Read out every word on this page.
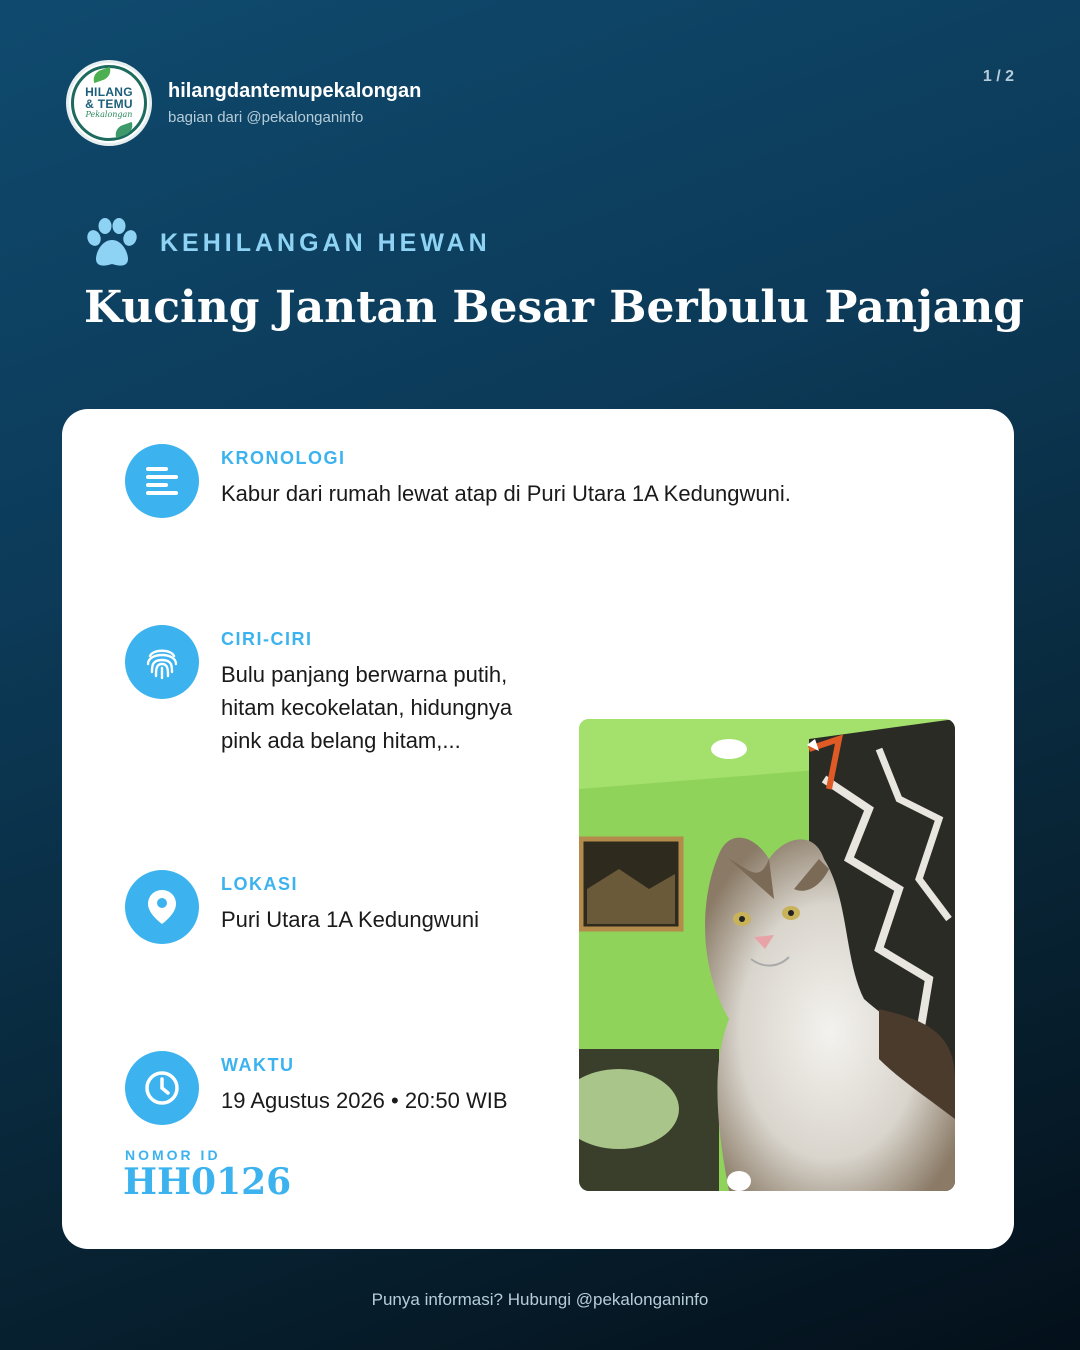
HILANG
& TEMU
Pekalongan
hilangdantemupekalongan
bagian dari @pekalonganinfo
1 / 2
KEHILANGAN HEWAN
Kucing Jantan Besar Berbulu Panjang
KRONOLOGI
Kabur dari rumah lewat atap di Puri Utara 1A Kedungwuni.
CIRI-CIRI
Bulu panjang berwarna putih, hitam kecokelatan, hidungnya pink ada belang hitam,...
LOKASI
Puri Utara 1A Kedungwuni
WAKTU
19 Agustus 2026 • 20:50 WIB
NOMOR ID
HH0126
Punya informasi? Hubungi @pekalonganinfo
